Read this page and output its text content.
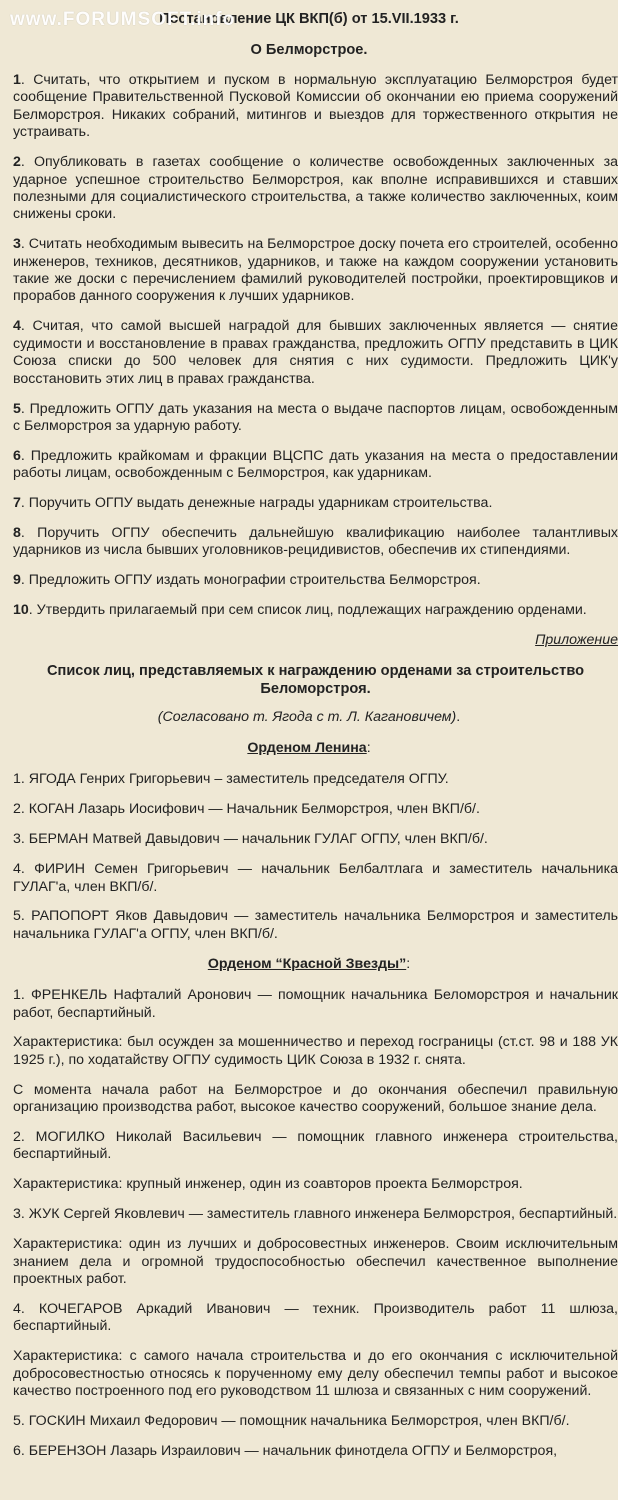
www.FORUMSOFT.info
Постановление ЦК ВКП(б) от 15.VII.1933 г.
О Белморстрое.

1. Считать, что открытием и пуском в нормальную эксплуатацию Белморстроя будет сообщение Правительственной Пусковой Комиссии об окончании ею приема сооружений Белморстроя. Никаких собраний, митингов и выездов для торжественного открытия не устраивать.

2. Опубликовать в газетах сообщение о количестве освобожденных заключенных за ударное успешное строительство Белморстроя, как вполне исправившихся и ставших полезными для социалистического строительства, а также количество заключенных, коим снижены сроки.

3. Считать необходимым вывесить на Белморстрое доску почета его строителей, особенно инженеров, техников, десятников, ударников, и также на каждом сооружении установить такие же доски с перечислением фамилий руководителей постройки, проектировщиков и прорабов данного сооружения к лучших ударников.

4. Считая, что самой высшей наградой для бывших заключенных является — снятие судимости и восстановление в правах гражданства, предложить ОГПУ представить в ЦИК Союза списки до 500 человек для снятия с них судимости. Предложить ЦИК'у восстановить этих лиц в правах гражданства.

5. Предложить ОГПУ дать указания на места о выдаче паспортов лицам, освобожденным с Белморстроя за ударную работу.

6. Предложить крайкомам и фракции ВЦСПС дать указания на места о предоставлении работы лицам, освобожденным с Белморстроя, как ударникам.

7. Поручить ОГПУ выдать денежные награды ударникам строительства.

8. Поручить ОГПУ обеспечить дальнейшую квалификацию наиболее талантливых ударников из числа бывших уголовников-рецидивистов, обеспечив их стипендиями.

9. Предложить ОГПУ издать монографии строительства Белморстроя.

10. Утвердить прилагаемый при сем список лиц, подлежащих награждению орденами.

Приложение
Список лиц, представляемых к награждению орденами за строительство Беломорстроя.
(Согласовано т. Ягода с т. Л. Кагановичем).
Орденом Ленина:

1. ЯГОДА Генрих Григорьевич – заместитель председателя ОГПУ.

2. КОГАН Лазарь Иосифович — Начальник Белморстроя, член ВКП/б/.

3. БЕРМАН Матвей Давыдович — начальник ГУЛАГ ОГПУ, член ВКП/б/.

4. ФИРИН Семен Григорьевич — начальник Белбалтлага и заместитель начальника ГУЛАГ'а, член ВКП/б/.

5. РАПОПОРТ Яков Давыдович — заместитель начальника Белморстроя и заместитель начальника ГУЛАГ'а ОГПУ, член ВКП/б/.

Орденом “Красной Звезды”:

1. ФРЕНКЕЛЬ Нафталий Аронович — помощник начальника Беломорстроя и начальник работ, беспартийный.

Характеристика: был осужден за мошенничество и переход госграницы (ст.ст. 98 и 188 УК 1925 г.), по ходатайству ОГПУ судимость ЦИК Союза в 1932 г. снята.

С момента начала работ на Белморстрое и до окончания обеспечил правильную организацию производства работ, высокое качество сооружений, большое знание дела.

2. МОГИЛКО Николай Васильевич — помощник главного инженера строительства, беспартийный.

Характеристика: крупный инженер, один из соавторов проекта Белморстроя.

3. ЖУК Сергей Яковлевич — заместитель главного инженера Белморстроя, беспартийный.

Характеристика: один из лучших и добросовестных инженеров. Своим исключительным знанием дела и огромной трудоспособностью обеспечил качественное выполнение проектных работ.

4. КОЧЕГАРОВ Аркадий Иванович — техник. Производитель работ 11 шлюза, беспартийный.

Характеристика: с самого начала строительства и до его окончания с исключительной добросовестностью относясь к порученному ему делу обеспечил темпы работ и высокое качество построенного под его руководством 11 шлюза и связанных с ним сооружений.

5. ГОСКИН Михаил Федорович — помощник начальника Белморстроя, член ВКП/б/.

6. БЕРЕНЗОН Лазарь Израилович — начальник финотдела ОГПУ и Белморстроя,
